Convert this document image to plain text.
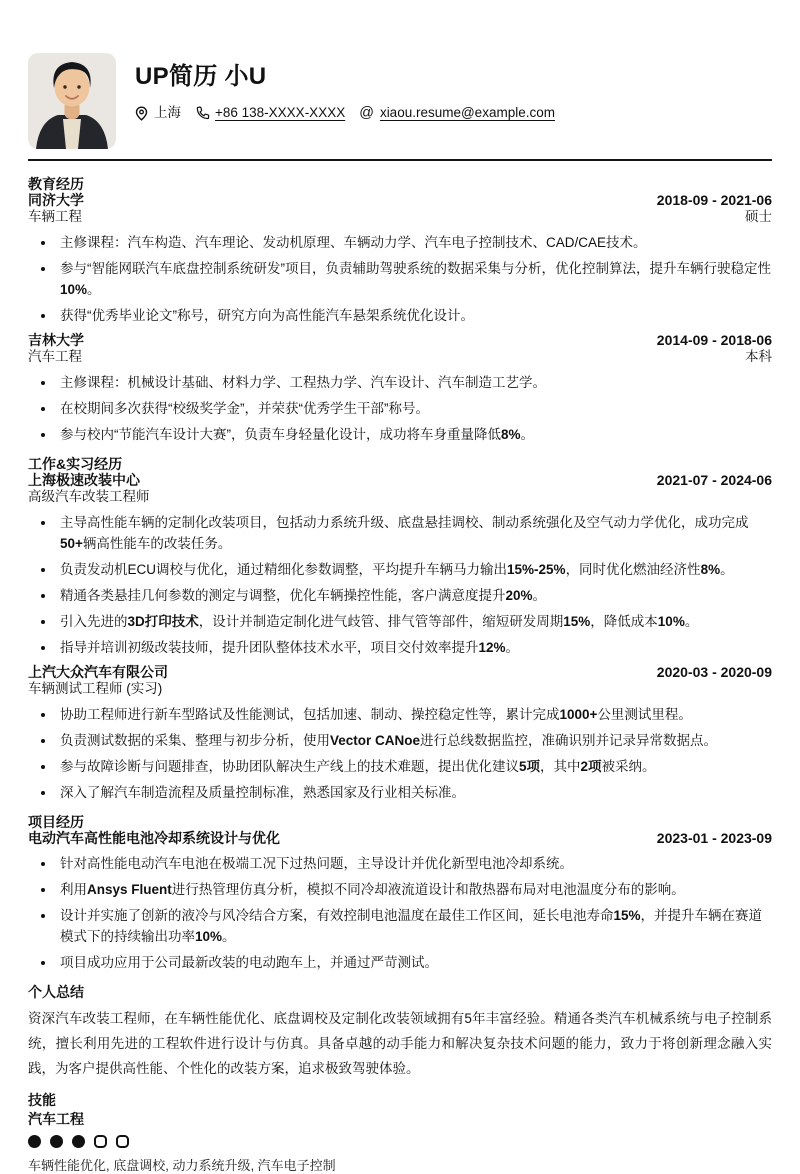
UP简历 小U
上海	+86 138-XXXX-XXXX @ xiaou.resume@example.com
教育经历
同济大学	2018-09 - 2021-06
车辆工程	硕士
主修课程：汽车构造、汽车理论、发动机原理、车辆动力学、汽车电子控制技术、CAD/CAE技术。
参与“智能网联汽车底盘控制系统研发”项目，负责辅助驾驶系统的数据采集与分析，优化控制算法，提升车辆行驶稳定性10%。
获得“优秀毕业论文”称号，研究方向为高性能汽车悬架系统优化设计。
吉林大学	2014-09 - 2018-06
汽车工程	本科
主修课程：机械设计基础、材料力学、工程热力学、汽车设计、汽车制造工艺学。
在校期间多次获得“校级奖学金”，并荣获“优秀学生干部”称号。
参与校内“节能汽车设计大赛”，负责车身轻量化设计，成功将车身重量降低8%。
工作&实习经历
上海极速改装中心	2021-07 - 2024-06
高级汽车改装工程师
主导高性能车辆的定制化改装项目，包括动力系统升级、底盘悬挂调校、制动系统强化及空气动力学优化，成功完成50+辆高性能车的改装任务。
负责发动机ECU调校与优化，通过精细化参数调整，平均提升车辆马力输出15%-25%，同时优化燃油经济性8%。
精通各类悬挂几何参数的测定与调整，优化车辆操控性能，客户满意度提升20%。
引入先进的3D打印技术，设计并制造定制化进气歧管、排气管等部件，缩短研发周期15%，降低成本10%。
指导并培训初级改装技师，提升团队整体技术水平，项目交付效率提升12%。
上汽大众汽车有限公司	2020-03 - 2020-09
车辆测试工程师 (实习)
协助工程师进行新车型路试及性能测试，包括加速、制动、操控稳定性等，累计完成1000+公里测试里程。
负责测试数据的采集、整理与初步分析，使用Vector CANoe进行总线数据监控，准确识别并记录异常数据点。
参与故障诊断与问题排查，协助团队解决生产线上的技术难题，提出优化建议5项，其中2项被采纳。
深入了解汽车制造流程及质量控制标准，熟悉国家及行业相关标准。
项目经历
电动汽车高性能电池冷却系统设计与优化	2023-01 - 2023-09
针对高性能电动汽车电池在极端工况下过热问题，主导设计并优化新型电池冷却系统。
利用Ansys Fluent进行热管理仿真分析，模拟不同冷却液流道设计和散热器布局对电池温度分布的影响。
设计并实施了创新的液冷与风冷结合方案，有效控制电池温度在最佳工作区间，延长电池寿命15%，并提升车辆在赛道模式下的持续输出功率10%。
项目成功应用于公司最新改装的电动跑车上，并通过严苛测试。
个人总结

资深汽车改装工程师，在车辆性能优化、底盘调校及定制化改装领域拥有5年丰富经验。精通各类汽车机械系统与电子控制系统，擅长利用先进的工程软件进行设计与仿真。具备卓越的动手能力和解决复杂技术问题的能力，致力于将创新理念融入实践，为客户提供高性能、个性化的改装方案，追求极致驾驶体验。

技能
汽车工程
车辆性能优化, 底盘调校, 动力系统升级, 汽车电子控制
